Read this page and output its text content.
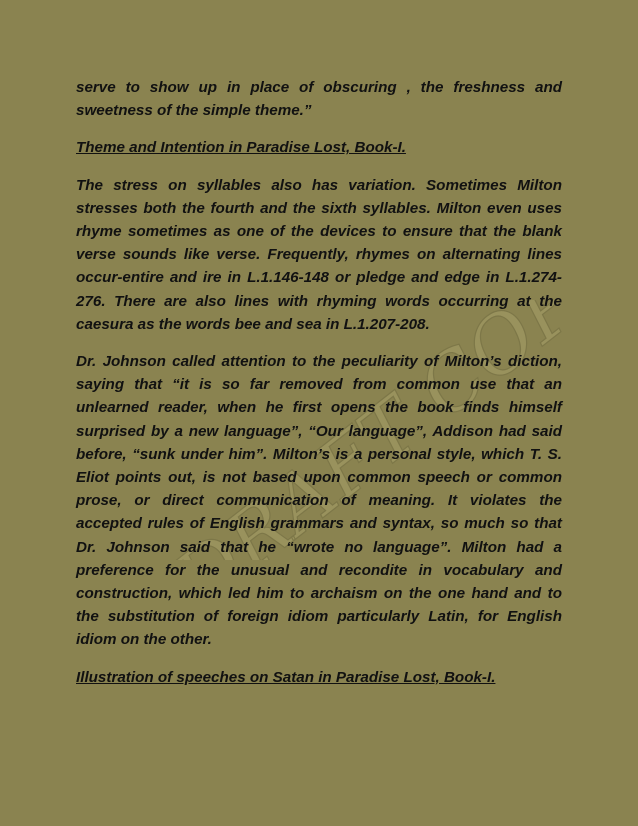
DRAFT COPY

serve to show up in place of obscuring , the freshness and sweetness of the simple theme.”

Theme and Intention in Paradise Lost, Book-I.

The stress on syllables also has variation. Sometimes Milton stresses both the fourth and the sixth syllables. Milton even uses rhyme sometimes as one of the devices to ensure that the blank verse sounds like verse. Frequently, rhymes on alternating lines occur-entire and ire in L.1.146-148 or pledge and edge in L.1.274-276. There are also lines with rhyming words occurring at the caesura as the words bee and sea in L.1.207-208.

Dr. Johnson called attention to the peculiarity of Milton’s diction, saying that “it is so far removed from common use that an unlearned reader, when he first opens the book finds himself surprised by a new language”, “Our language”, Addison had said before, “sunk under him”. Milton’s is a personal style, which T. S. Eliot points out, is not based upon common speech or common prose, or direct communication of meaning. It violates the accepted rules of English grammars and syntax, so much so that Dr. Johnson said that he “wrote no language”. Milton had a preference for the unusual and recondite in vocabulary and construction, which led him to archaism on the one hand and to the substitution of foreign idiom particularly Latin, for English idiom on the other.

Illustration of speeches on Satan in Paradise Lost, Book-I.
